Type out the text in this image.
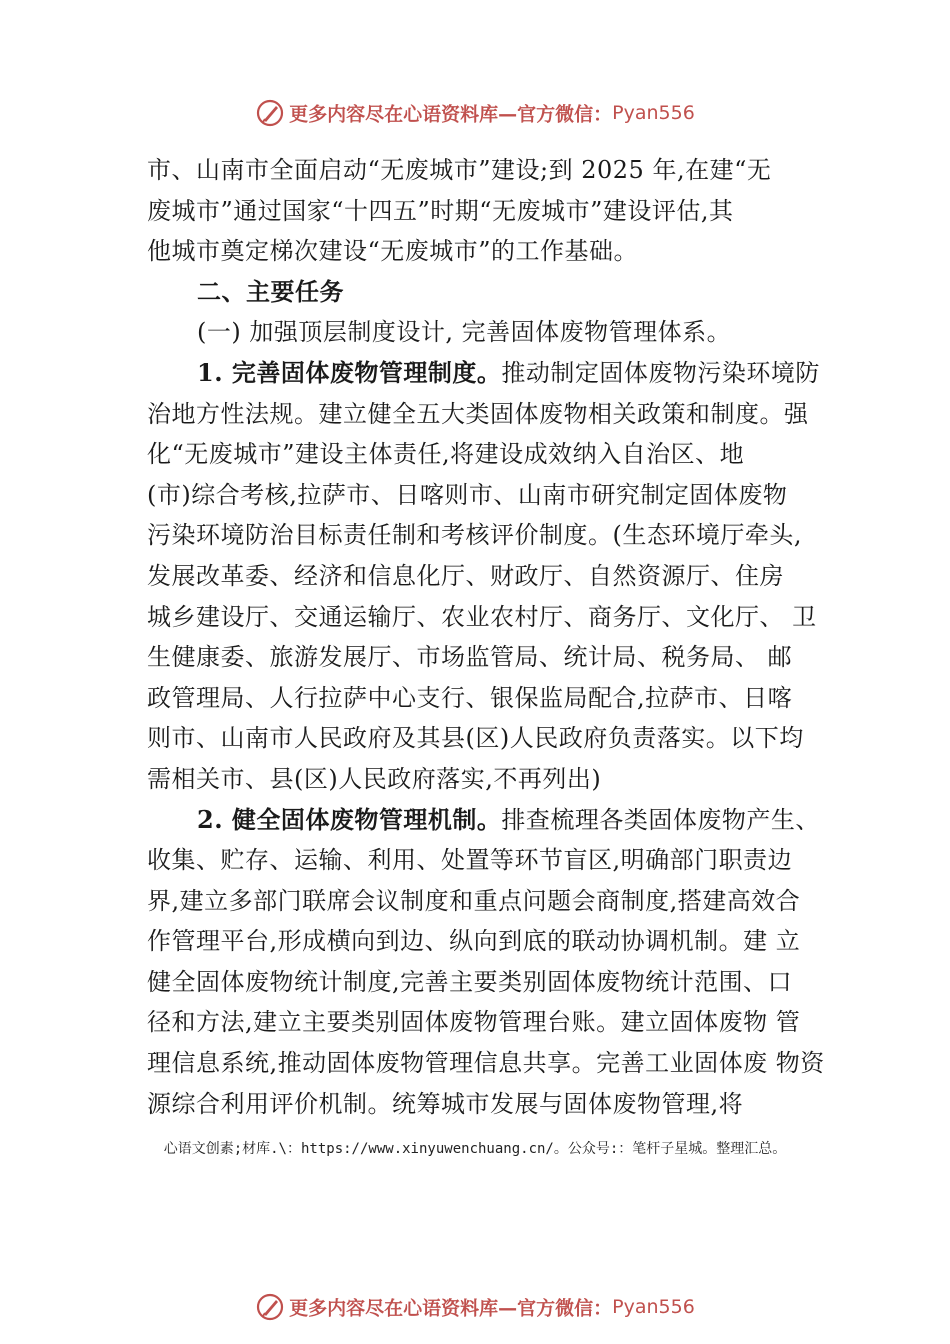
更多内容尽在心语资料库—官方微信：Pyan556
市、山南市全面启动“无废城市”建设;到 2025 年,在建“无
废城市”通过国家“十四五”时期“无废城市”建设评估,其
他城市奠定梯次建设“无废城市”的工作基础。
二、主要任务
(一) 加强顶层制度设计, 完善固体废物管理体系。
1. 完善固体废物管理制度。推动制定固体废物污染环境防
治地方性法规。建立健全五大类固体废物相关政策和制度。强
化“无废城市”建设主体责任,将建设成效纳入自治区、地
(市)综合考核,拉萨市、日喀则市、山南市研究制定固体废物
污染环境防治目标责任制和考核评价制度。(生态环境厅牵头,
发展改革委、经济和信息化厅、财政厅、自然资源厅、住房
城乡建设厅、交通运输厅、农业农村厅、商务厅、文化厅、 卫
生健康委、旅游发展厅、市场监管局、统计局、税务局、 邮
政管理局、人行拉萨中心支行、银保监局配合,拉萨市、日喀
则市、山南市人民政府及其县(区)人民政府负责落实。以下均
需相关市、县(区)人民政府落实,不再列出)
2. 健全固体废物管理机制。排查梳理各类固体废物产生、
收集、贮存、运输、利用、处置等环节盲区,明确部门职责边
界,建立多部门联席会议制度和重点问题会商制度,搭建高效合
作管理平台,形成横向到边、纵向到底的联动协调机制。建 立
健全固体废物统计制度,完善主要类别固体废物统计范围、口
径和方法,建立主要类别固体废物管理台账。建立固体废物 管
理信息系统,推动固体废物管理信息共享。完善工业固体废 物资
源综合利用评价机制。统筹城市发展与固体废物管理,将
心语文创素;材库.\：https://www.xinyuwenchuang.cn/。公众号:：笔杆子星城。整理汇总。
更多内容尽在心语资料库—官方微信：Pyan556
